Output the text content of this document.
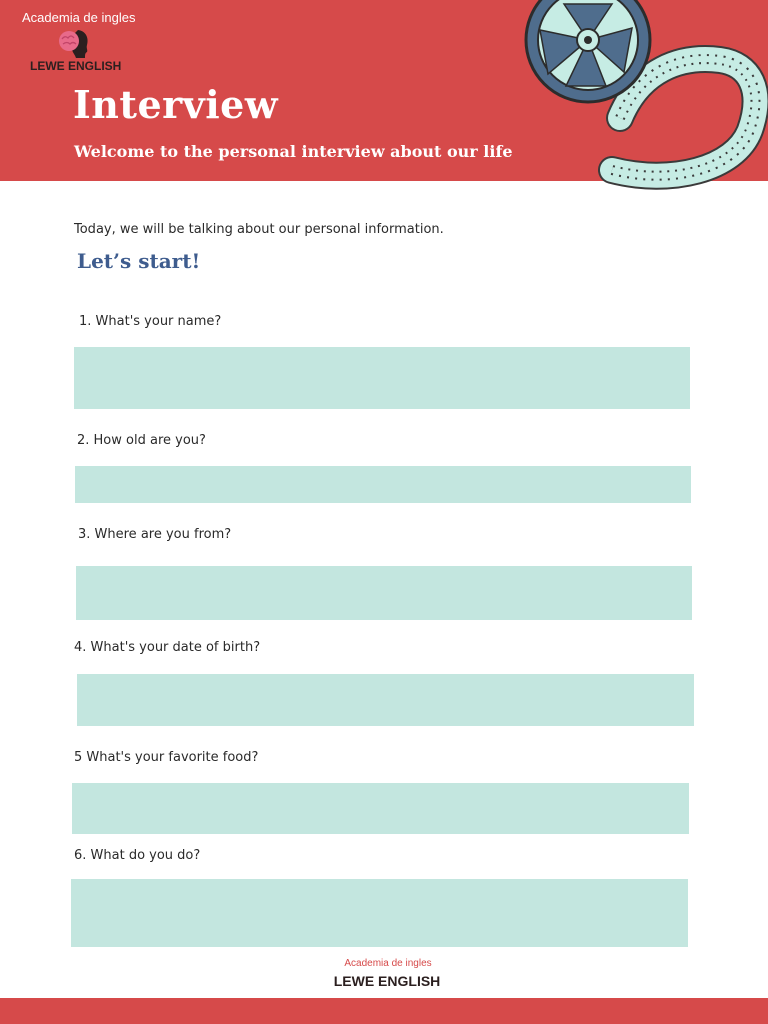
Academia de ingles
LEWE ENGLISH
Interview
Welcome to the personal interview about our life
Today, we will be talking about our personal information.
Let’s start!
1. What's your name?
2. How old are you?
3. Where are you from?
4. What's your date of birth?
5 What's your favorite food?
6. What do you do?
Academia de ingles
LEWE ENGLISH
